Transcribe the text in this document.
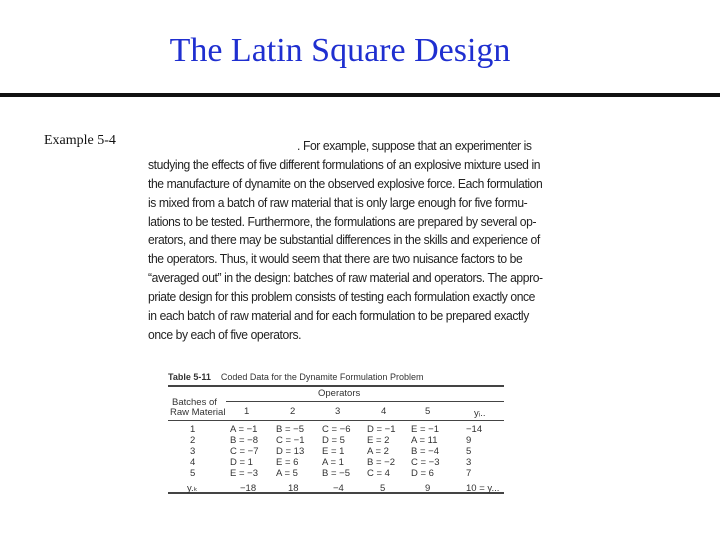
The Latin Square Design
Example 5-4	. For example, suppose that an experimenter is
studying the effects of five different formulations of an explosive mixture used in
the manufacture of dynamite on the observed explosive force. Each formulation
is mixed from a batch of raw material that is only large enough for five formu-
lations to be tested. Furthermore, the formulations are prepared by several op-
erators, and there may be substantial differences in the skills and experience of
the operators. Thus, it would seem that there are two nuisance factors to be
“averaged out” in the design: batches of raw material and operators. The appro-
priate design for this problem consists of testing each formulation exactly once
in each batch of raw material and for each formulation to be prepared exactly
once by each of five operators.
Table 5-11 Coded Data for the Dynamite Formulation Problem
Operators
Batches of
Raw Material 1	2	3	4	5	yᵢ..
1	A = −1 B = −5 C = −6 D = −1 E = −1	−14
2	B = −8 C = −1 D = 5 E = 2 A = 11	9
3	C = −7 D = 13 E = 1 A = 2 B = −4	5
4	D = 1 E = 6 A = 1 B = −2 C = −3	3
5	E = −3 A = 5	B = −5 C = 4 D = 6	7
y.ₖ	−18	18	−4	5	9	10 = y...
